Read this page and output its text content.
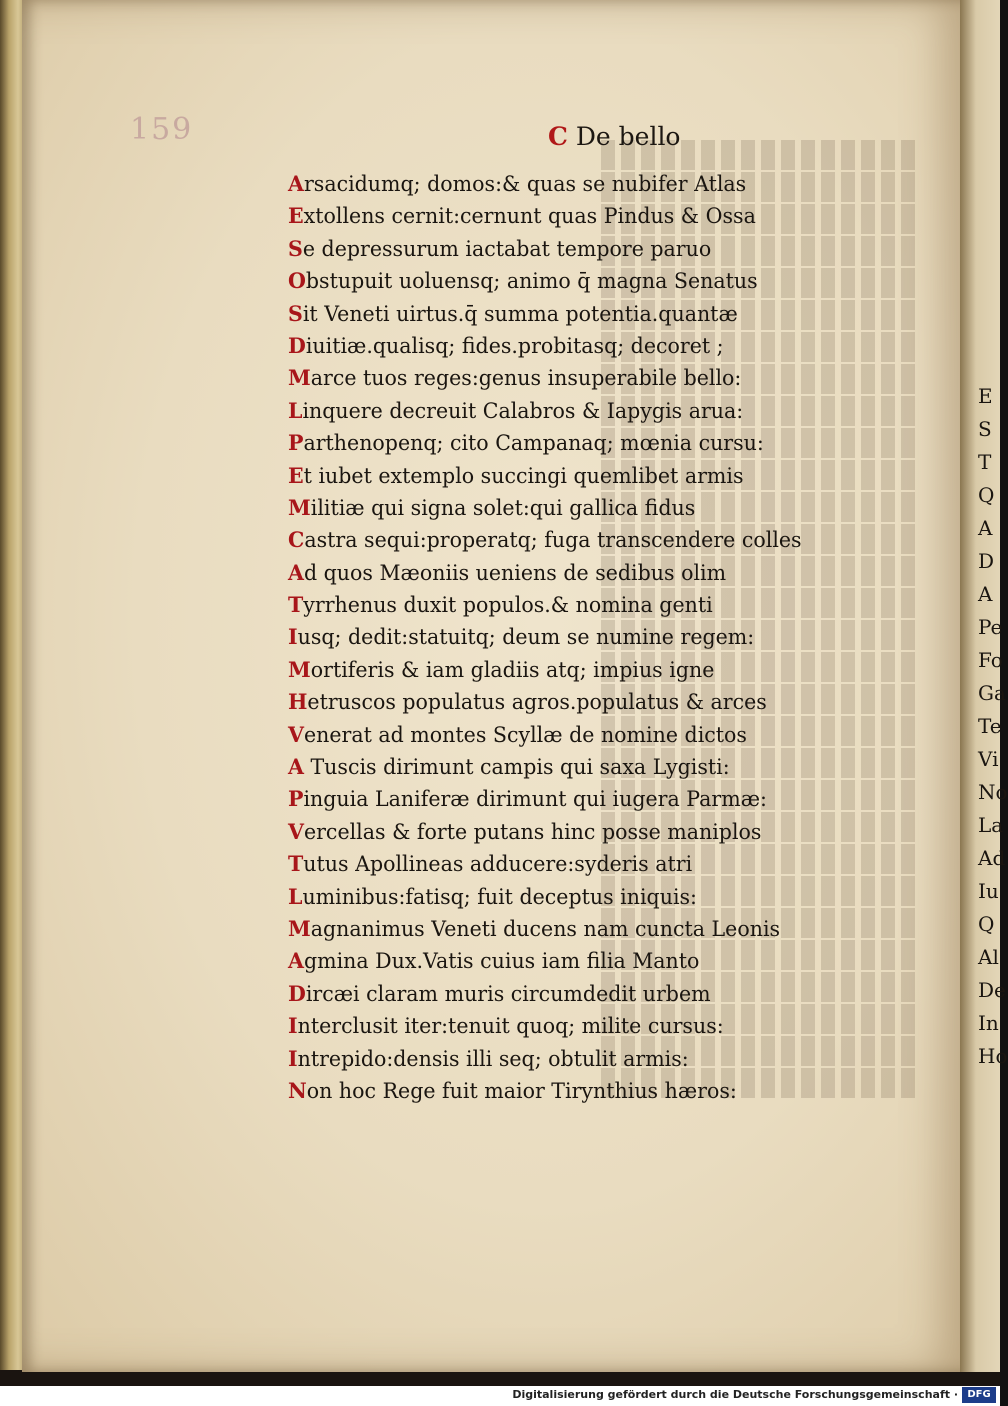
159	C De bello
Arsacidumq; domos:& quas se nubifer Atlas
Extollens cernit:cernunt quas Pindus & Ossa
Se depressurum iactabat tempore paruo
Obstupuit uoluensq; animo q̄ magna Senatus
Sit Veneti uirtus.q̄ summa potentia.quantæ
Diuitiæ.qualisq; fides.probitasq; decoret ;
Marce tuos reges:genus insuperabile bello:
Linquere decreuit Calabros & Iapygis arua:
Parthenopenq; cito Campanaq; mœnia cursu:
Et iubet extemplo succingi quemlibet armis
Militiæ qui signa solet:qui gallica fidus
Castra sequi:properatq; fuga transcendere colles
Ad quos Mæoniis ueniens de sedibus olim
Tyrrhenus duxit populos.& nomina genti
Iusq; dedit:statuitq; deum se numine regem:
Mortiferis & iam gladiis atq; impius igne
Hetruscos populatus agros.populatus & arces
Venerat ad montes Scyllæ de nomine dictos
A Tuscis dirimunt campis qui saxa Lygisti:
Pinguia Laniferæ dirimunt qui iugera Parmæ:
Vercellas & forte putans hinc posse maniplos
Tutus Apollineas adducere:syderis atri
Luminibus:fatisq; fuit deceptus iniquis:
Magnanimus Veneti ducens nam cuncta Leonis
Agmina Dux.Vatis cuius iam filia Manto
Dircæi claram muris circumdedit urbem
Interclusit iter:tenuit quoq; milite cursus:
Intrepido:densis illi seq; obtulit armis:
Non hoc Rege fuit maior Tirynthius hæros:
E
S
T
Q
A
D
A
Pe
Fo
Ga
Te
Vi
No
La
Ad
Iu
Q
Al
De
In
Ho
Digitalisierung gefördert durch die Deutsche Forschungsgemeinschaft · DFG
